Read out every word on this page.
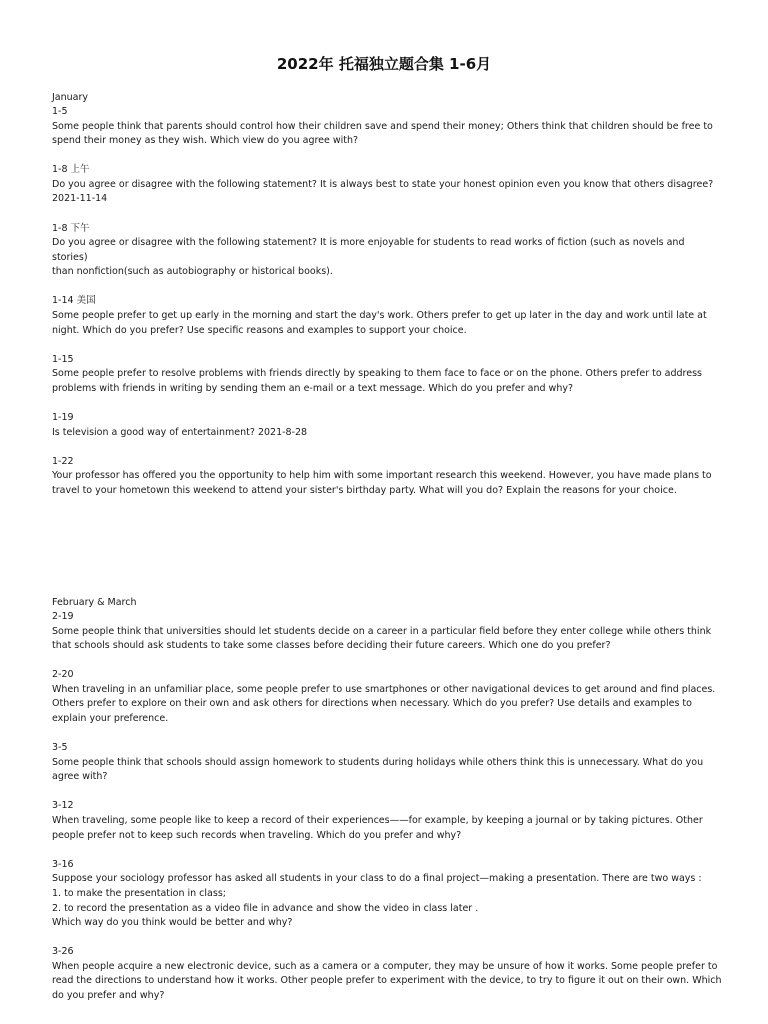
2022年 托福独立题合集 1-6月
January

1-5

Some people think that parents should control how their children save and spend their money; Others think that children should be free to

spend their money as they wish. Which view do you agree with?

1-8 上午

Do you agree or disagree with the following statement? It is always best to state your honest opinion even you know that others disagree?

2021-11-14

1-8 下午

Do you agree or disagree with the following statement? It is more enjoyable for students to read works of fiction (such as novels and stories)

than nonfiction(such as autobiography or historical books).

1-14 美国

Some people prefer to get up early in the morning and start the day's work. Others prefer to get up later in the day and work until late at

night. Which do you prefer? Use specific reasons and examples to support your choice.

1-15

Some people prefer to resolve problems with friends directly by speaking to them face to face or on the phone. Others prefer to address

problems with friends in writing by sending them an e-mail or a text message. Which do you prefer and why?

1-19

Is television a good way of entertainment? 2021-8-28

1-22

Your professor has offered you the opportunity to help him with some important research this weekend. However, you have made plans to

travel to your hometown this weekend to attend your sister's birthday party. What will you do? Explain the reasons for your choice.

February & March

2-19

Some people think that universities should let students decide on a career in a particular field before they enter college while others think

that schools should ask students to take some classes before deciding their future careers. Which one do you prefer?

2-20

When traveling in an unfamiliar place, some people prefer to use smartphones or other navigational devices to get around and find places.

Others prefer to explore on their own and ask others for directions when necessary. Which do you prefer? Use details and examples to

explain your preference.

3-5

Some people think that schools should assign homework to students during holidays while others think this is unnecessary. What do you

agree with?

3-12

When traveling, some people like to keep a record of their experiences——for example, by keeping a journal or by taking pictures. Other

people prefer not to keep such records when traveling. Which do you prefer and why?

3-16

Suppose your sociology professor has asked all students in your class to do a final project—making a presentation. There are two ways :

1. to make the presentation in class;

2. to record the presentation as a video file in advance and show the video in class later .

Which way do you think would be better and why?

3-26

When people acquire a new electronic device, such as a camera or a computer, they may be unsure of how it works. Some people prefer to

read the directions to understand how it works. Other people prefer to experiment with the device, to try to figure it out on their own. Which

do you prefer and why?
